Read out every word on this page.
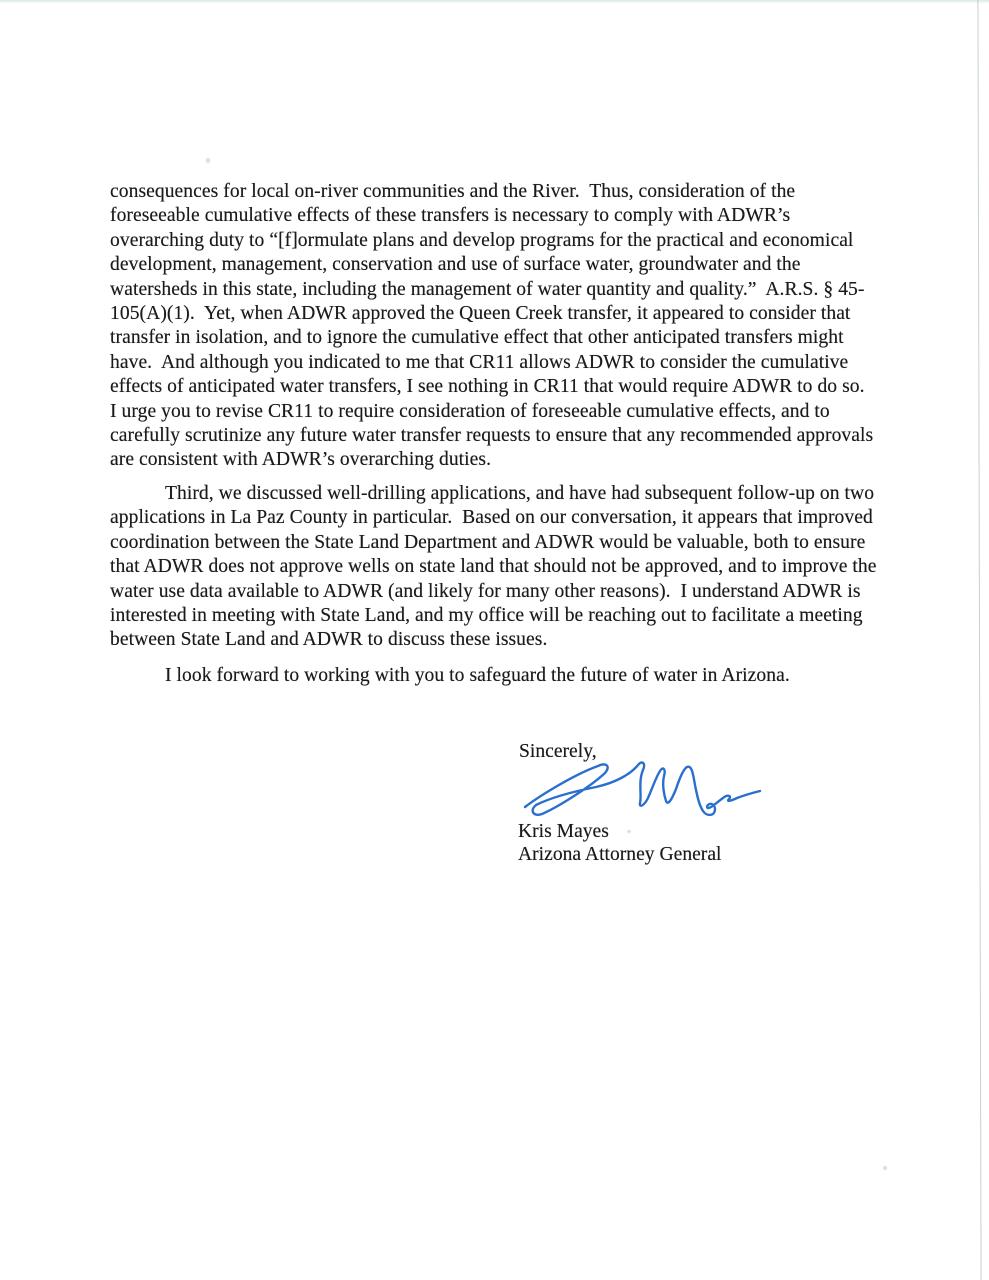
consequences for local on-river communities and the River.  Thus, consideration of the
foreseeable cumulative effects of these transfers is necessary to comply with ADWR’s
overarching duty to “[f]ormulate plans and develop programs for the practical and economical
development, management, conservation and use of surface water, groundwater and the
watersheds in this state, including the management of water quantity and quality.”  A.R.S. § 45-
105(A)(1).  Yet, when ADWR approved the Queen Creek transfer, it appeared to consider that
transfer in isolation, and to ignore the cumulative effect that other anticipated transfers might
have.  And although you indicated to me that CR11 allows ADWR to consider the cumulative
effects of anticipated water transfers, I see nothing in CR11 that would require ADWR to do so.
I urge you to revise CR11 to require consideration of foreseeable cumulative effects, and to
carefully scrutinize any future water transfer requests to ensure that any recommended approvals
are consistent with ADWR’s overarching duties.
Third, we discussed well-drilling applications, and have had subsequent follow-up on two
applications in La Paz County in particular.  Based on our conversation, it appears that improved
coordination between the State Land Department and ADWR would be valuable, both to ensure
that ADWR does not approve wells on state land that should not be approved, and to improve the
water use data available to ADWR (and likely for many other reasons).  I understand ADWR is
interested in meeting with State Land, and my office will be reaching out to facilitate a meeting
between State Land and ADWR to discuss these issues.
I look forward to working with you to safeguard the future of water in Arizona.
Sincerely,
Kris Mayes
Arizona Attorney General
